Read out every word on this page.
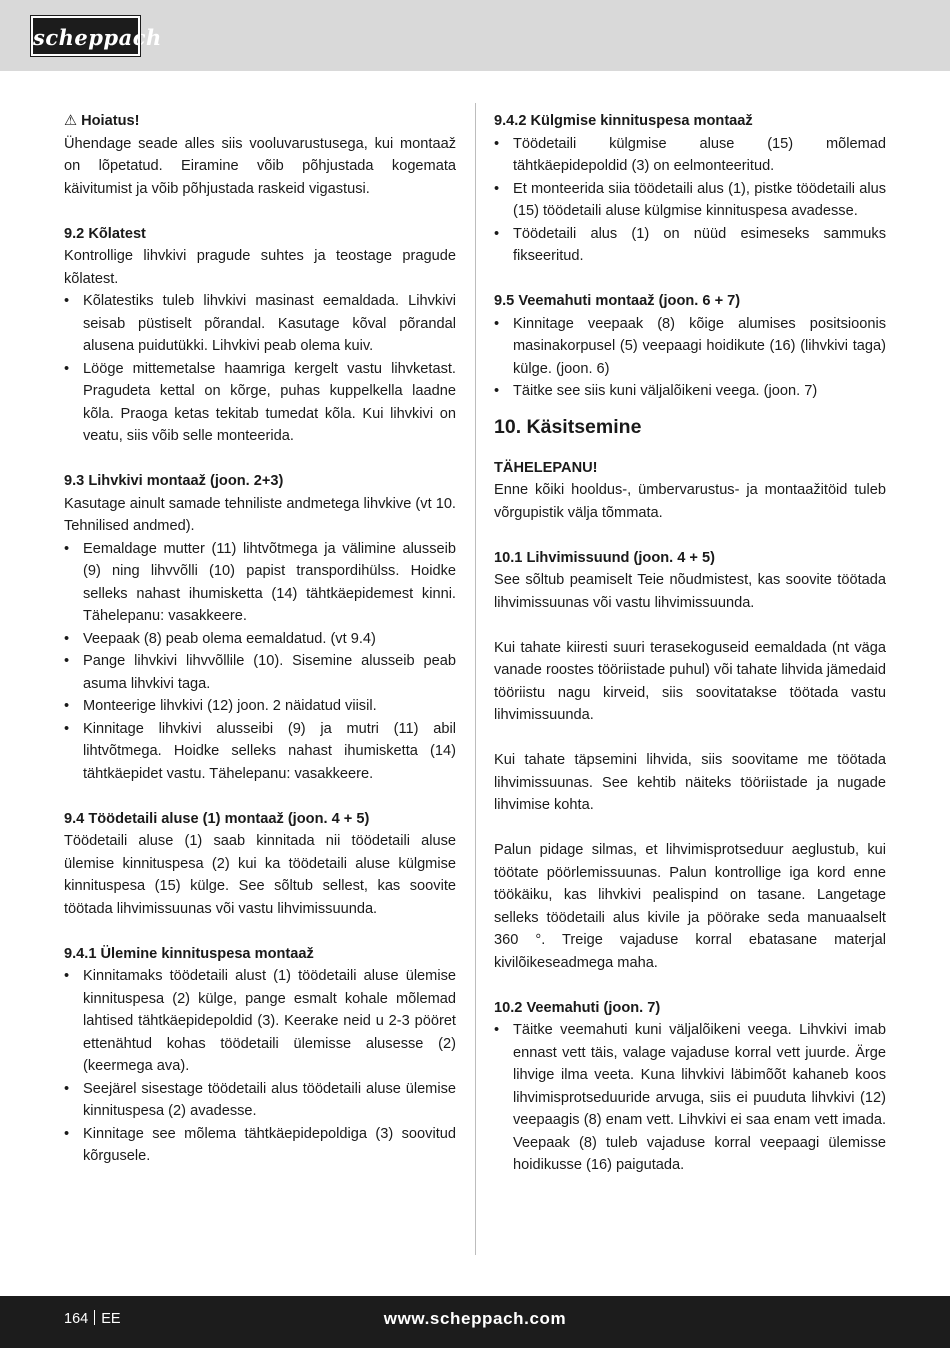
scheppach

⚠ Hoiatus!

Ühendage seade alles siis vooluvarustusega, kui montaaž on lõpetatud. Eiramine võib põhjustada kogemata käivitumist ja võib põhjustada raskeid vigastusi.

9.2 Kõlatest

Kontrollige lihvkivi pragude suhtes ja teostage pragude kõlatest.

• Kõlatestiks tuleb lihvkivi masinast eemaldada. Lihvkivi seisab püstiselt põrandal. Kasutage kõval põrandal alusena puidutükki. Lihvkivi peab olema kuiv.
• Lööge mittemetalse haamriga kergelt vastu lihvketast. Pragudeta kettal on kõrge, puhas kuppelkella laadne kõla. Praoga ketas tekitab tumedat kõla. Kui lihvkivi on veatu, siis võib selle monteerida.

9.3 Lihvkivi montaaž (joon. 2+3)

Kasutage ainult samade tehniliste andmetega lihvkive (vt 10. Tehnilised andmed).

• Eemaldage mutter (11) lihtvõtmega ja välimine alusseib (9) ning lihvvõlli (10) papist transpordihülss. Hoidke selleks nahast ihumisketta (14) tähtkäepidemest kinni. Tähelepanu: vasakkeere.
• Veepaak (8) peab olema eemaldatud. (vt 9.4)
• Pange lihvkivi lihvvõllile (10). Sisemine alusseib peab asuma lihvkivi taga.
• Monteerige lihvkivi (12) joon. 2 näidatud viisil.
• Kinnitage lihvkivi alusseibi (9) ja mutri (11) abil lihtvõtmega. Hoidke selleks nahast ihumisketta (14) tähtkäepidet vastu. Tähelepanu: vasakkeere.

9.4 Töödetaili aluse (1) montaaž (joon. 4 + 5)

Töödetaili aluse (1) saab kinnitada nii töödetaili aluse ülemise kinnituspesa (2) kui ka töödetaili aluse külgmise kinnituspesa (15) külge. See sõltub sellest, kas soovite töötada lihvimissuunas või vastu lihvimissuunda.

9.4.1 Ülemine kinnituspesa montaaž

• Kinnitamaks töödetaili alust (1) töödetaili aluse ülemise kinnituspesa (2) külge, pange esmalt kohale mõlemad lahtised tähtkäepidepoldid (3). Keerake neid u 2-3 pööret ettenähtud kohas töödetaili ülemisse alusesse (2) (keermega ava).
• Seejärel sisestage töödetaili alus töödetaili aluse ülemise kinnituspesa (2) avadesse.
• Kinnitage see mõlema tähtkäepidepoldiga (3) soovitud kõrgusele.

9.4.2 Külgmise kinnituspesa montaaž

• Töödetaili külgmise aluse (15) mõlemad tähtkäepidepoldid (3) on eelmonteeritud.
• Et monteerida siia töödetaili alus (1), pistke töödetaili alus (15) töödetaili aluse külgmise kinnituspesa avadesse.
• Töödetaili alus (1) on nüüd esimeseks sammuks fikseeritud.

9.5 Veemahuti montaaž (joon. 6 + 7)

• Kinnitage veepaak (8) kõige alumises positsioonis masinakorpusel (5) veepaagi hoidikute (16) (lihvkivi taga) külge. (joon. 6)
• Täitke see siis kuni väljalõikeni veega. (joon. 7)
10. Käsitsemine

TÄHELEPANU!

Enne kõiki hooldus-, ümbervarustus- ja montaažitöid tuleb võrgupistik välja tõmmata.

10.1 Lihvimissuund (joon. 4 + 5)

See sõltub peamiselt Teie nõudmistest, kas soovite töötada lihvimissuunas või vastu lihvimissuunda.

Kui tahate kiiresti suuri terasekoguseid eemaldada (nt väga vanade roostes tööriistade puhul) või tahate lihvida jämedaid tööriistu nagu kirveid, siis soovitatakse töötada vastu lihvimissuunda.

Kui tahate täpsemini lihvida, siis soovitame me töötada lihvimissuunas. See kehtib näiteks tööriistade ja nugade lihvimise kohta.

Palun pidage silmas, et lihvimisprotseduur aeglustub, kui töötate pöörlemissuunas. Palun kontrollige iga kord enne töökäiku, kas lihvkivi pealispind on tasane. Langetage selleks töödetaili alus kivile ja pöörake seda manuaalselt 360 °. Treige vajaduse korral ebatasane materjal kivilõikeseadmega maha.

10.2 Veemahuti (joon. 7)

• Täitke veemahuti kuni väljalõikeni veega. Lihvkivi imab ennast vett täis, valage vajaduse korral vett juurde. Ärge lihvige ilma veeta. Kuna lihvkivi läbimõõt kahaneb koos lihvimisprotseduuride arvuga, siis ei puuduta lihvkivi (12) veepaagis (8) enam vett. Lihvkivi ei saa enam vett imada. Veepaak (8) tuleb vajaduse korral veepaagi ülemisse hoidikusse (16) paigutada.
164 EE	www.scheppach.com
